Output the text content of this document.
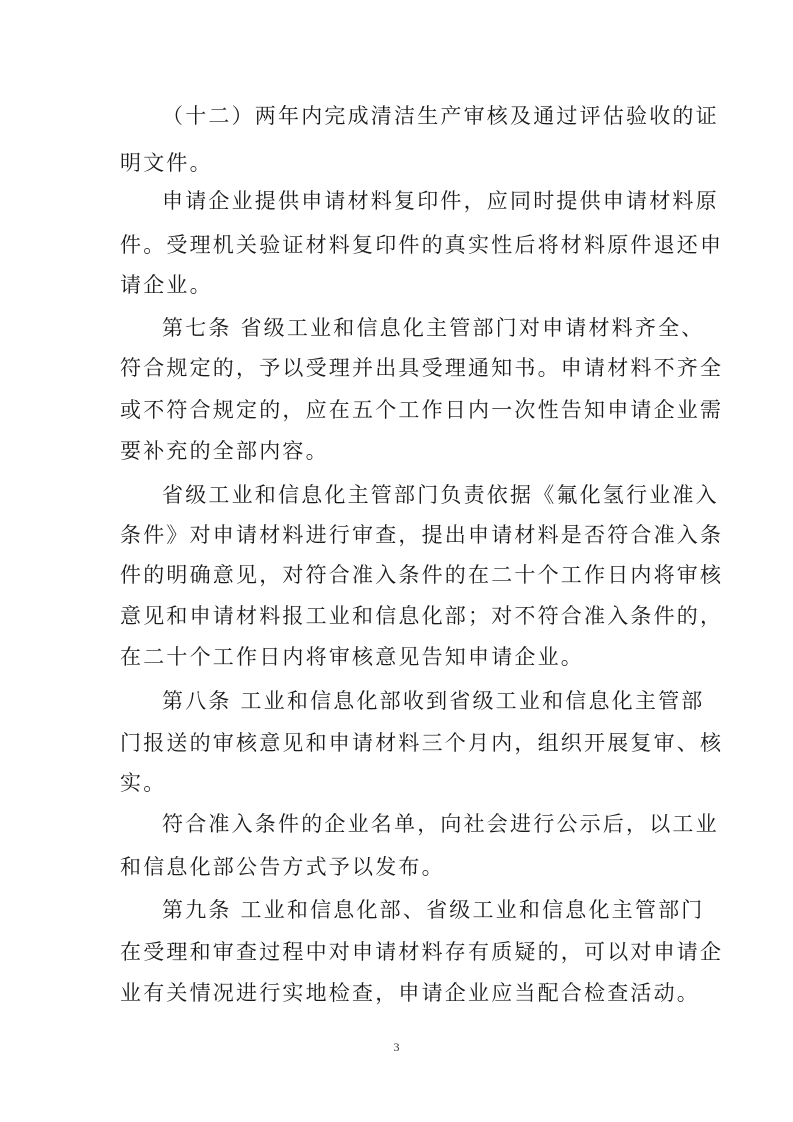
（十二）两年内完成清洁生产审核及通过评估验收的证
明文件。
申请企业提供申请材料复印件，应同时提供申请材料原
件。受理机关验证材料复印件的真实性后将材料原件退还申
请企业。
第七条 省级工业和信息化主管部门对申请材料齐全、
符合规定的，予以受理并出具受理通知书。申请材料不齐全
或不符合规定的，应在五个工作日内一次性告知申请企业需
要补充的全部内容。
省级工业和信息化主管部门负责依据《氟化氢行业准入
条件》对申请材料进行审查，提出申请材料是否符合准入条
件的明确意见，对符合准入条件的在二十个工作日内将审核
意见和申请材料报工业和信息化部；对不符合准入条件的，
在二十个工作日内将审核意见告知申请企业。
第八条 工业和信息化部收到省级工业和信息化主管部
门报送的审核意见和申请材料三个月内，组织开展复审、核
实。
符合准入条件的企业名单，向社会进行公示后，以工业
和信息化部公告方式予以发布。
第九条 工业和信息化部、省级工业和信息化主管部门
在受理和审查过程中对申请材料存有质疑的，可以对申请企
业有关情况进行实地检查，申请企业应当配合检查活动。
3
